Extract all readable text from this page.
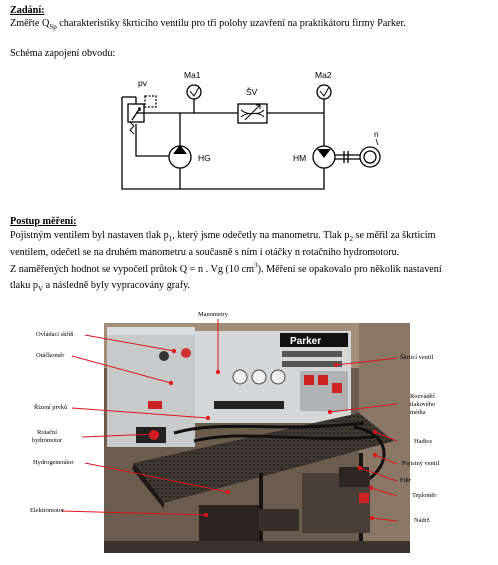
Zadání:
Změřte $Q_{Sp}$ charakteristiky škrticího ventilu pro tři polohy uzavření na praktikátoru firmy Parker.
Schéma zapojení obvodu:
pv
Ma1	Ma2
ŠV
HG	HM
n
Postup měření:
Pojistným ventilem byl nastaven tlak $p_1$, který jsme odečetly na manometru. Tlak $p_2$ se měřil za škrticím
ventilem, odečetl se na druhém manometru a současně s ním i otáčky n rotačního hydromotoru.
Z naměřených hodnot se vypočetl průtok Q = n . Vg (10 $cm^3$). Měření se opakovalo pro několik nastavení
tlaku $p_V$ a následně byly vypracovány grafy.
Parker
Manometry
Ovládací skříň
Otáčkoměr	Škrticí ventil
Rozváděč
tlakového
média
Řízení prvků
Rotační
hydromotor	Hadice
Hydrogenerátor	Pojistný ventil
Filtr
Teploměr
Elektromotor
Nádrž
